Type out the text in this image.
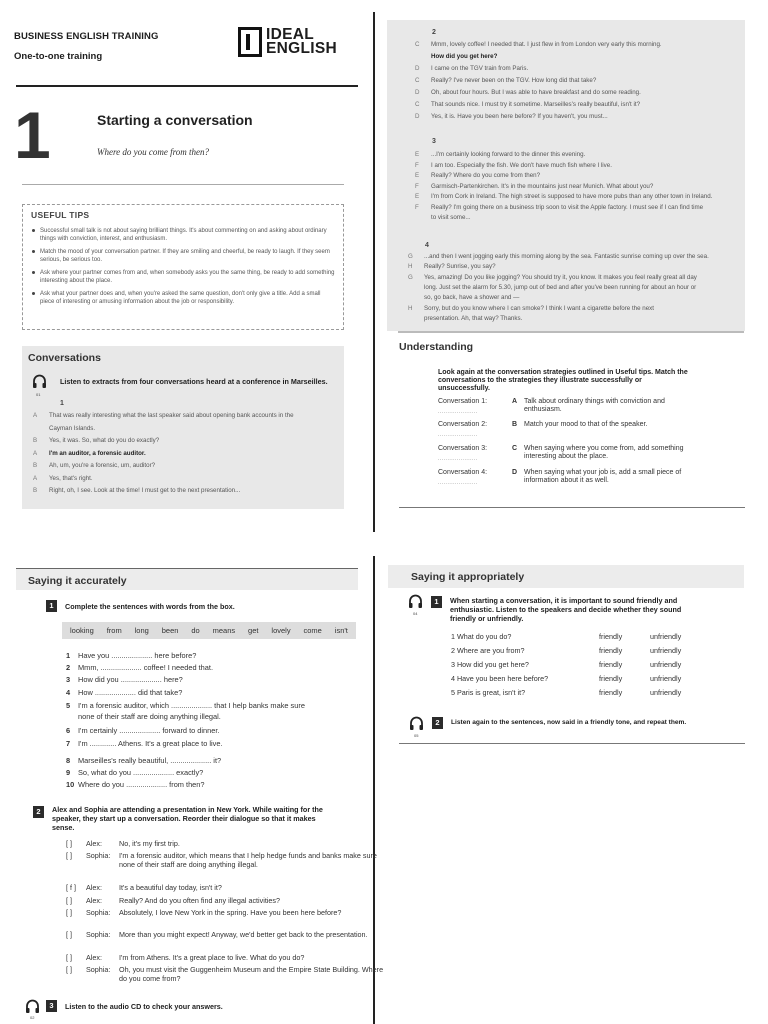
BUSINESS ENGLISH TRAINING
One-to-one training
IDEAL
ENGLISH
1	Starting a conversation
Where do you come from then?
USEFUL TIPS
Successful small talk is not about saying brilliant things. It's about commenting on and asking about ordinary things with conviction, interest, and enthusiasm.
Match the mood of your conversation partner. If they are smiling and cheerful, be ready to laugh. If they seem serious, be serious too.
Ask where your partner comes from and, when somebody asks you the same thing, be ready to add something interesting about the place.
Ask what your partner does and, when you're asked the same question, don't only give a title. Add a small piece of interesting or amusing information about the job or responsibility.
Conversations
01
Listen to extracts from four conversations heard at a conference in Marseilles.
1
A	That was really interesting what the last speaker said about opening bank accounts in the
Cayman Islands.
B	Yes, it was. So, what do you do exactly?
A	I'm an auditor, a forensic auditor.
B	Ah, um, you're a forensic, um, auditor?
A	Yes, that's right.
B	Right, oh, I see. Look at the time! I must get to the next presentation...
2
C	Mmm, lovely coffee! I needed that. I just flew in from London very early this morning.
How did you get here?
D	I came on the TGV train from Paris.
C	Really? I've never been on the TGV. How long did that take?
D	Oh, about four hours. But I was able to have breakfast and do some reading.
C	That sounds nice. I must try it sometime. Marseilles's really beautiful, isn't it?
D	Yes, it is. Have you been here before? If you haven't, you must...
3
E	...I'm certainly looking forward to the dinner this evening.
F	I am too. Especially the fish. We don't have much fish where I live.
E	Really? Where do you come from then?
F	Garmisch-Partenkirchen. It's in the mountains just near Munich. What about you?
E	I'm from Cork in Ireland. The high street is supposed to have more pubs than any other town in Ireland.
F	Really? I'm going there on a business trip soon to visit the Apple factory. I must see if I can find time
to visit some...
4
G	...and then I went jogging early this morning along by the sea. Fantastic sunrise coming up over the sea.
H	Really? Sunrise, you say?
G	Yes, amazing! Do you like jogging? You should try it, you know. It makes you feel really great all day
long. Just set the alarm for 5.30, jump out of bed and after you've been running for about an hour or
so, go back, have a shower and —
H	Sorry, but do you know where I can smoke? I think I want a cigarette before the next
presentation. Ah, that way? Thanks.
Understanding
Look again at the conversation strategies outlined in Useful tips. Match the conversations to the strategies they illustrate successfully or unsuccessfully.
Conversation 1:
.....................
A Talk about ordinary things with conviction and enthusiasm.
Conversation 2:
.....................
B Match your mood to that of the speaker.
Conversation 3:
.....................
C When saying where you come from, add something interesting about the place.
Conversation 4:
.....................
D When saying what your job is, add a small piece of information about it as well.
Saying it accurately
1	Complete the sentences with words from the box.
looking from long been do means get lovely come isn't
1 Have you .................... here before?
2 Mmm, .................... coffee! I needed that.
3 How did you .................... here?
4 How .................... did that take?
5 I'm a forensic auditor, which .................... that I help banks make sure
none of their staff are doing anything illegal.
6 I'm certainly .................... forward to dinner.
7 I'm ............. Athens. It's a great place to live.
8 Marseilles's really beautiful, .................... it?
9 So, what do you .................... exactly?
10 Where do you .................... from then?
2	Alex and Sophia are attending a presentation in New York. While waiting for the speaker, they start up a conversation. Reorder their dialogue so that it makes sense.
[ ] Alex: No, it's my first trip.
[ ] Sophia: I'm a forensic auditor, which means that I help hedge funds and banks make sure none of their staff are doing anything illegal.
[ f ] Alex: It's a beautiful day today, isn't it?
[ ] Alex: Really? And do you often find any illegal activities?
[ ] Sophia: Absolutely, I love New York in the spring. Have you been here before?
[ ] Sophia: More than you might expect! Anyway, we'd better get back to the presentation.
[ ] Alex: I'm from Athens. It's a great place to live. What do you do?
[ ] Sophia: Oh, you must visit the Guggenheim Museum and the Empire State Building. Where do you come from?
02
3	Listen to the audio CD to check your answers.
Saying it appropriately
04
1	When starting a conversation, it is important to sound friendly and enthusiastic. Listen to the speakers and decide whether they sound friendly or unfriendly.
1 What do you do?	friendly	unfriendly
2 Where are you from?	friendly	unfriendly
3 How did you get here?	friendly	unfriendly
4 Have you been here before?	friendly	unfriendly
5 Paris is great, isn't it?	friendly	unfriendly
05
2	Listen again to the sentences, now said in a friendly tone, and repeat them.
